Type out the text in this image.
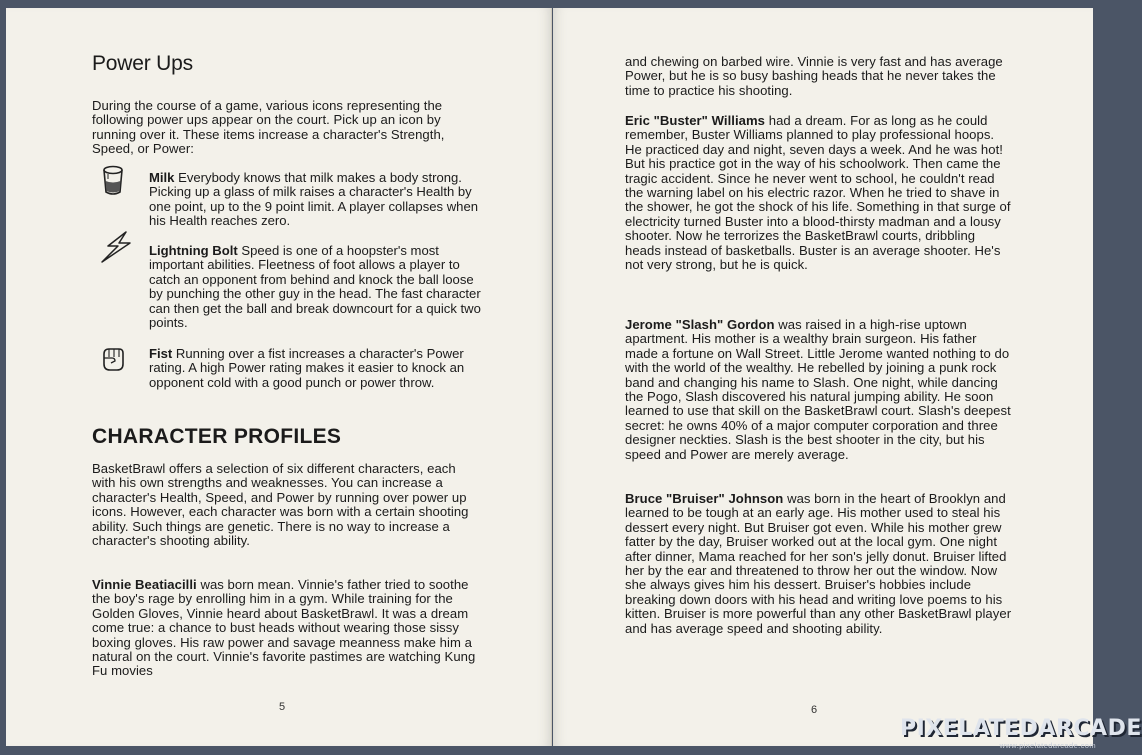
Power Ups

During the course of a game, various icons representing the following power ups appear on the court. Pick up an icon by running over it. These items increase a character's Strength, Speed, or Power:

Milk Everybody knows that milk makes a body strong. Picking up a glass of milk raises a character's Health by one point, up to the 9 point limit. A player collapses when his Health reaches zero.
Lightning Bolt Speed is one of a hoopster's most important abilities. Fleetness of foot allows a player to catch an opponent from behind and knock the ball loose by punching the other guy in the head. The fast character can then get the ball and break downcourt for a quick two points.
Fist Running over a fist increases a character's Power rating. A high Power rating makes it easier to knock an opponent cold with a good punch or power throw.
CHARACTER PROFILES

BasketBrawl offers a selection of six different characters, each with his own strengths and weaknesses. You can increase a character's Health, Speed, and Power by running over power up icons. However, each character was born with a certain shooting ability. Such things are genetic. There is no way to increase a character's shooting ability.

Vinnie Beatiacilli was born mean. Vinnie's father tried to soothe the boy's rage by enrolling him in a gym. While training for the Golden Gloves, Vinnie heard about BasketBrawl. It was a dream come true: a chance to bust heads without wearing those sissy boxing gloves. His raw power and savage meanness make him a natural on the court. Vinnie's favorite pastimes are watching Kung Fu movies

5

and chewing on barbed wire. Vinnie is very fast and has average Power, but he is so busy bashing heads that he never takes the time to practice his shooting.

Eric "Buster" Williams had a dream. For as long as he could remember, Buster Williams planned to play professional hoops. He practiced day and night, seven days a week. And he was hot! But his practice got in the way of his schoolwork. Then came the tragic accident. Since he never went to school, he couldn't read the warning label on his electric razor. When he tried to shave in the shower, he got the shock of his life. Something in that surge of electricity turned Buster into a blood-thirsty madman and a lousy shooter. Now he terrorizes the BasketBrawl courts, dribbling heads instead of basketballs. Buster is an average shooter. He's not very strong, but he is quick.

Jerome "Slash" Gordon was raised in a high-rise uptown apartment. His mother is a wealthy brain surgeon. His father made a fortune on Wall Street. Little Jerome wanted nothing to do with the world of the wealthy. He rebelled by joining a punk rock band and changing his name to Slash. One night, while dancing the Pogo, Slash discovered his natural jumping ability. He soon learned to use that skill on the BasketBrawl court. Slash's deepest secret: he owns 40% of a major computer corporation and three designer neckties. Slash is the best shooter in the city, but his speed and Power are merely average.

Bruce "Bruiser" Johnson was born in the heart of Brooklyn and learned to be tough at an early age. His mother used to steal his dessert every night. But Bruiser got even. While his mother grew fatter by the day, Bruiser worked out at the local gym. One night after dinner, Mama reached for her son's jelly donut. Bruiser lifted her by the ear and threatened to throw her out the window. Now she always gives him his dessert. Bruiser's hobbies include breaking down doors with his head and writing love poems to his kitten. Bruiser is more powerful than any other BasketBrawl player and has average speed and shooting ability.

6
PIXELATEDARCADE
www.pixelatedarcade.com
